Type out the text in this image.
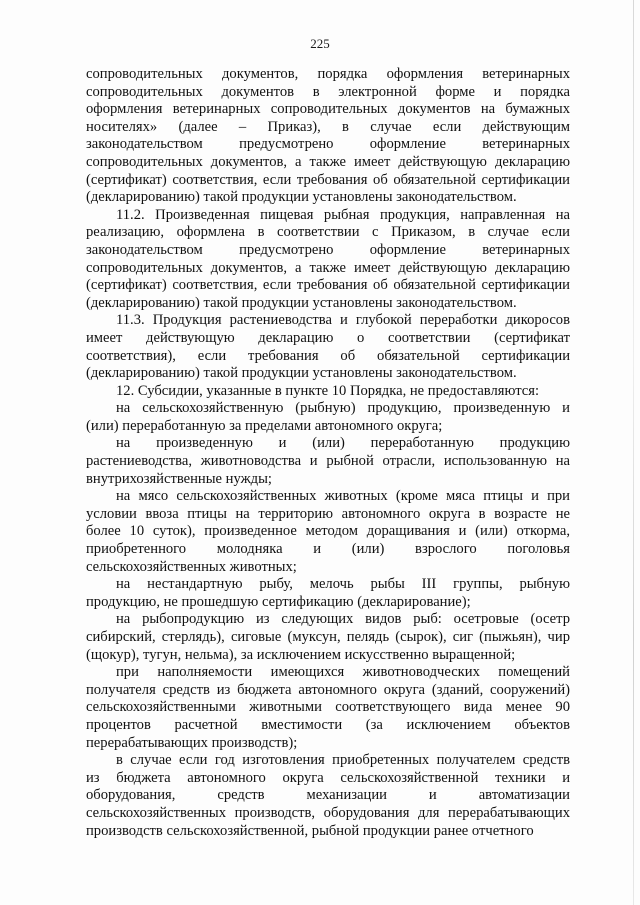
225

сопроводительных документов, порядка оформления ветеринарных
сопроводительных документов в электронной форме и порядка
оформления ветеринарных сопроводительных документов на бумажных
носителях» (далее – Приказ), в случае если действующим
законодательством предусмотрено оформление ветеринарных
сопроводительных документов, а также имеет действующую декларацию
(сертификат) соответствия, если требования об обязательной сертификации
(декларированию) такой продукции установлены законодательством.

11.2. Произведенная пищевая рыбная продукция, направленная на
реализацию, оформлена в соответствии с Приказом, в случае если
законодательством предусмотрено оформление ветеринарных
сопроводительных документов, а также имеет действующую декларацию
(сертификат) соответствия, если требования об обязательной сертификации
(декларированию) такой продукции установлены законодательством.

11.3. Продукция растениеводства и глубокой переработки дикоросов
имеет действующую декларацию о соответствии (сертификат
соответствия), если требования об обязательной сертификации
(декларированию) такой продукции установлены законодательством.

12. Субсидии, указанные в пункте 10 Порядка, не предоставляются:

на сельскохозяйственную (рыбную) продукцию, произведенную и
(или) переработанную за пределами автономного округа;

на произведенную и (или) переработанную продукцию
растениеводства, животноводства и рыбной отрасли, использованную на
внутрихозяйственные нужды;

на мясо сельскохозяйственных животных (кроме мяса птицы и при
условии ввоза птицы на территорию автономного округа в возрасте не
более 10 суток), произведенное методом доращивания и (или) откорма,
приобретенного молодняка и (или) взрослого поголовья
сельскохозяйственных животных;

на нестандартную рыбу, мелочь рыбы III группы, рыбную
продукцию, не прошедшую сертификацию (декларирование);

на рыбопродукцию из следующих видов рыб: осетровые (осетр
сибирский, стерлядь), сиговые (муксун, пелядь (сырок), сиг (пыжьян), чир
(щокур), тугун, нельма), за исключением искусственно выращенной;

при наполняемости имеющихся животноводческих помещений
получателя средств из бюджета автономного округа (зданий, сооружений)
сельскохозяйственными животными соответствующего вида менее 90
процентов расчетной вместимости (за исключением объектов
перерабатывающих производств);

в случае если год изготовления приобретенных получателем средств
из бюджета автономного округа сельскохозяйственной техники и
оборудования, средств механизации и автоматизации
сельскохозяйственных производств, оборудования для перерабатывающих
производств сельскохозяйственной, рыбной продукции ранее отчетного
